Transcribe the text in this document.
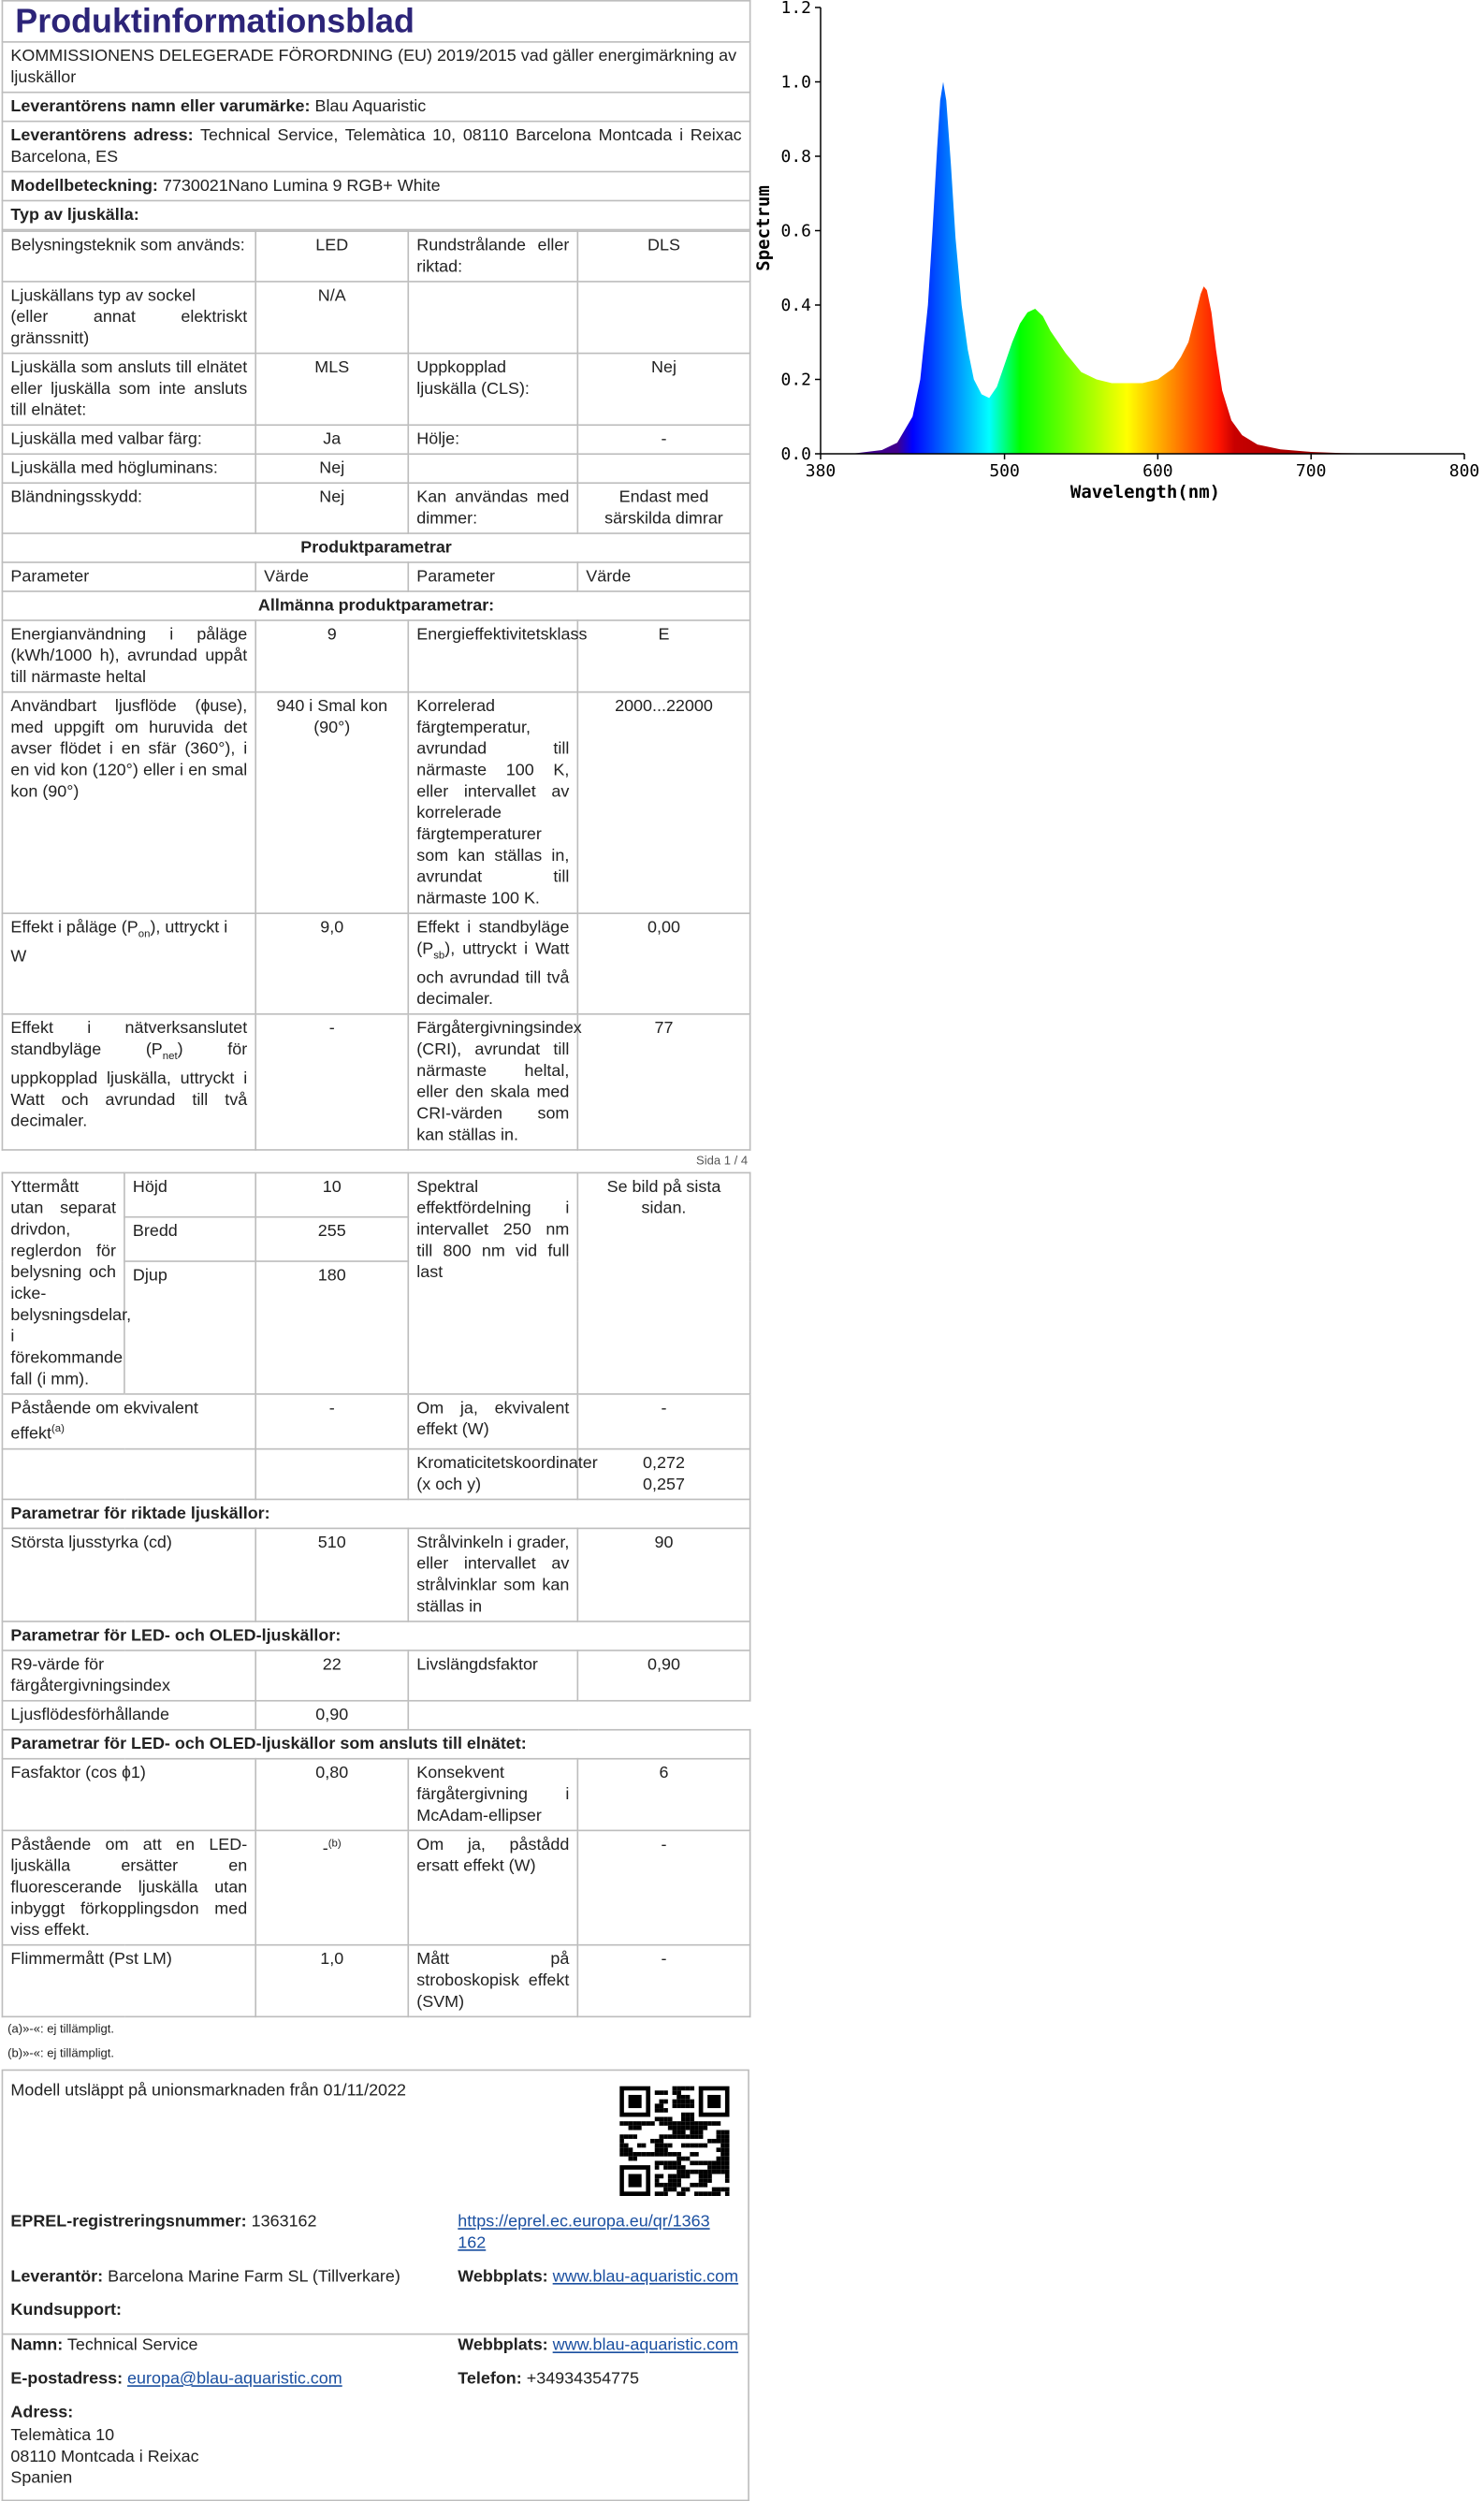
Produktinformationsblad
KOMMISSIONENS DELEGERADE FÖRORDNING (EU) 2019/2015 vad gäller energimärkning av ljuskällor
Leverantörens namn eller varumärke: Blau Aquaristic
Leverantörens adress: Technical Service, Telemàtica 10, 08110 Barcelona Montcada i Reixac Barcelona, ES
Modellbeteckning: 7730021Nano Lumina 9 RGB+ White
Typ av ljuskälla:
Belysningsteknik som används:	LED	Rundstrålande eller riktad:	DLS

Ljuskällans typ av sockel
(eller annat elektriskt gränssnitt)	N/A		
Ljuskälla som ansluts till elnätet eller ljuskälla som inte ansluts till elnätet:	MLS	Uppkopplad ljuskälla (CLS):	Nej
Ljuskälla med valbar färg:	Ja	Hölje:	-
Ljuskälla med högluminans:	Nej		
Bländningsskydd:	Nej	Kan användas med dimmer:	Endast med särskilda dimrar
Produktparametrar			
Parameter	Värde	Parameter	Värde
Allmänna produktparametrar:			
Energianvändning i påläge (kWh/1000 h), avrundad uppåt till närmaste heltal	9	Energieffektivitetsklass	E
Användbart ljusflöde (ɸuse), med uppgift om huruvida det avser flödet i en sfär (360°), i en vid kon (120°) eller i en smal kon (90°)	940 i Smal kon (90°)	Korrelerad färgtemperatur, avrundad till närmaste 100 K, eller intervallet av korrelerade färgtemperaturer som kan ställas in, avrundat till närmaste 100 K.	2000...22000
Effekt i påläge $(P_{on})$, uttryckt i W	9,0	Effekt i standbyläge $(P_{sb})$, uttryckt i Watt och avrundad till två decimaler.	0,00
Effekt i nätverksanslutet standbyläge $(P_{net})$ för uppkopplad ljuskälla, uttryckt i Watt och avrundad till två decimaler.	-	Färgåtergivningsindex (CRI), avrundat till närmaste heltal, eller den skala med CRI-värden som kan ställas in.	77
Sida 1 / 4
Yttermått utan separat drivdon, reglerdon för belysning och icke-belysningsdelar, i förekommande fall (i mm).	Höjd	10	Spektral effektfördelning i intervallet 250 nm till 800 nm vid full last	Se bild på sista sidan.
	Bredd	255		
	Djup	180		
Påstående om ekvivalent effekt$^{(a)}$		-	Om ja, ekvivalent effekt (W)	-
			Kromaticitetskoordinater (x och y)	0,272
0,257

Parametrar för riktade ljuskällor:				
Största ljusstyrka (cd)		510	Strålvinkeln i grader, eller intervallet av strålvinklar som kan ställas in	90
Parametrar för LED- och OLED-ljuskällor:				
R9-värde för färgåtergivningsindex		22	Livslängdsfaktor	0,90
Ljusflödesförhållande		0,90		
Parametrar för LED- och OLED-ljuskällor som ansluts till elnätet:				
Fasfaktor (cos ɸ1)		0,80	Konsekvent färgåtergivning i McAdam-ellipser	6
Påstående om att en LED-ljuskälla ersätter en fluorescerande ljuskälla utan inbyggt förkopplingsdon med viss effekt.		-$^{(b)}$	Om ja, påstådd ersatt effekt (W)	-
Flimmermått (Pst LM)		1,0	Mått på stroboskopisk effekt (SVM)	-
(a)»-«: ej tillämpligt.
(b)»-«: ej tillämpligt.
Modell utsläppt på unionsmarknaden från 01/11/2022
EPREL-registreringsnummer: 1363162	https://eprel.ec.europa.eu/qr/1363162
Leverantör: Barcelona Marine Farm SL (Tillverkare)	Webbplats: www.blau-aquaristic.com
Kundsupport:
Namn: Technical Service	Webbplats: www.blau-aquaristic.com
E-postadress: europa@blau-aquaristic.com	Telefon: +34934354775
Adress:
Telemàtica 10
08110 Montcada i Reixac
Spanien
0.0
0.2
0.4
0.6
0.8
1.0
1.2
380	500	600	700	800
Wavelength(nm)
Spectrum
